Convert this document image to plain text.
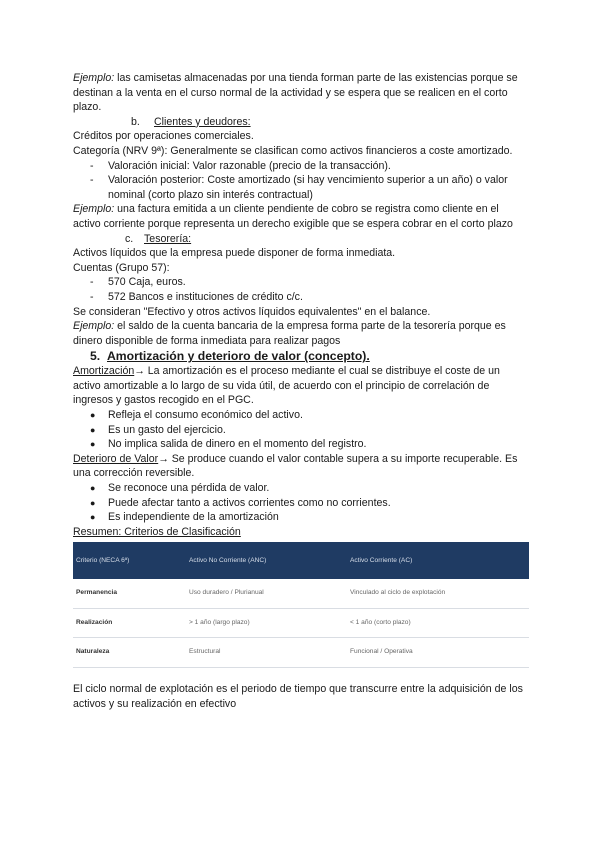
Ejemplo: las camisetas almacenadas por una tienda forman parte de las existencias porque se destinan a la venta en el curso normal de la actividad y se espera que se realicen en el corto plazo.

b. Clientes y deudores:

Créditos por operaciones comerciales.

Categoría (NRV 9ª): Generalmente se clasifican como activos financieros a coste amortizado.

- Valoración inicial: Valor razonable (precio de la transacción).

- Valoración posterior: Coste amortizado (si hay vencimiento superior a un año) o valor nominal (corto plazo sin interés contractual)

Ejemplo: una factura emitida a un cliente pendiente de cobro se registra como cliente en el activo corriente porque representa un derecho exigible que se espera cobrar en el corto plazo

c. Tesorería:

Activos líquidos que la empresa puede disponer de forma inmediata.

Cuentas (Grupo 57):

- 570 Caja, euros.

- 572 Bancos e instituciones de crédito c/c.

Se consideran "Efectivo y otros activos líquidos equivalentes" en el balance.

Ejemplo: el saldo de la cuenta bancaria de la empresa forma parte de la tesorería porque es dinero disponible de forma inmediata para realizar pagos

5. Amortización y deterioro de valor (concepto).

Amortización→ La amortización es el proceso mediante el cual se distribuye el coste de un activo amortizable a lo largo de su vida útil, de acuerdo con el principio de correlación de ingresos y gastos recogido en el PGC.

● Refleja el consumo económico del activo.

● Es un gasto del ejercicio.

● No implica salida de dinero en el momento del registro.

Deterioro de Valor→ Se produce cuando el valor contable supera a su importe recuperable. Es una corrección reversible.

● Se reconoce una pérdida de valor.

● Puede afectar tanto a activos corrientes como no corrientes.

● Es independiente de la amortización

Resumen: Criterios de Clasificación

Criterio (NECA 6ª)	Activo No Corriente (ANC)	Activo Corriente (AC)
Permanencia	Uso duradero / Plurianual	Vinculado al ciclo de explotación
Realización	> 1 año (largo plazo)	< 1 año (corto plazo)
Naturaleza	Estructural	Funcional / Operativa

El ciclo normal de explotación es el periodo de tiempo que transcurre entre la adquisición de los activos y su realización en efectivo
